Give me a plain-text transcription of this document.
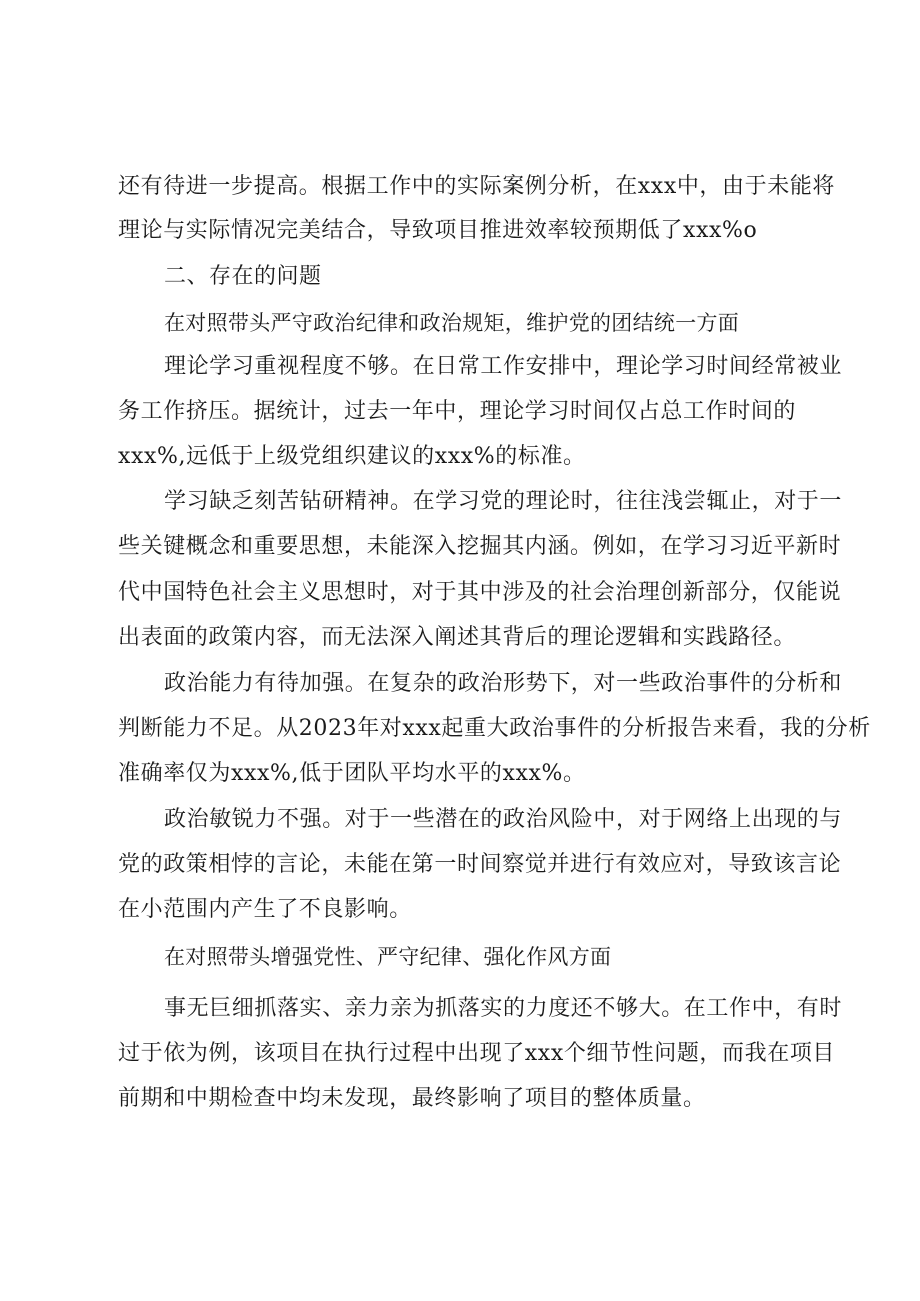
还有待进一步提高。根据工作中的实际案例分析，在xxx中，由于未能将
理论与实际情况完美结合，导致项目推进效率较预期低了xxx%o
二、存在的问题
在对照带头严守政治纪律和政治规矩，维护党的团结统一方面
理论学习重视程度不够。在日常工作安排中，理论学习时间经常被业
务工作挤压。据统计，过去一年中，理论学习时间仅占总工作时间的
xxx%,远低于上级党组织建议的xxx%的标准。
学习缺乏刻苦钻研精神。在学习党的理论时，往往浅尝辄止，对于一
些关键概念和重要思想，未能深入挖掘其内涵。例如，在学习习近平新时
代中国特色社会主义思想时，对于其中涉及的社会治理创新部分，仅能说
出表面的政策内容，而无法深入阐述其背后的理论逻辑和实践路径。
政治能力有待加强。在复杂的政治形势下，对一些政治事件的分析和
判断能力不足。从2023年对xxx起重大政治事件的分析报告来看，我的分析
准确率仅为xxx%,低于团队平均水平的xxx%。
政治敏锐力不强。对于一些潜在的政治风险中，对于网络上出现的与
党的政策相悖的言论，未能在第一时间察觉并进行有效应对，导致该言论
在小范围内产生了不良影响。
在对照带头增强党性、严守纪律、强化作风方面
事无巨细抓落实、亲力亲为抓落实的力度还不够大。在工作中，有时
过于依为例，该项目在执行过程中出现了xxx个细节性问题，而我在项目
前期和中期检查中均未发现，最终影响了项目的整体质量。
